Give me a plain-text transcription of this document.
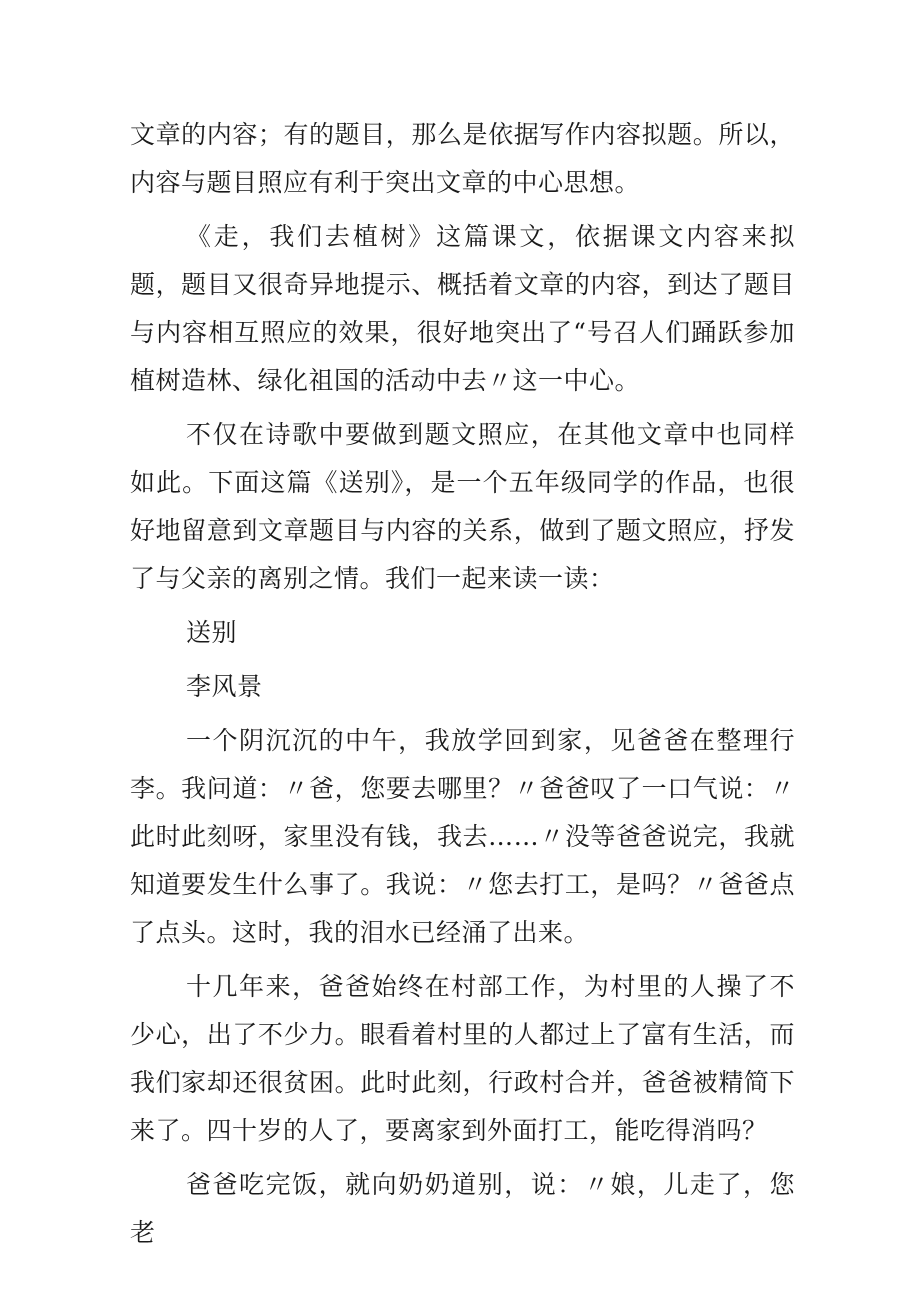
文章的内容；有的题目，那么是依据写作内容拟题。所以，内容与题目照应有利于突出文章的中心思想。

《走，我们去植树》这篇课文，依据课文内容来拟题，题目又很奇异地提示、概括着文章的内容，到达了题目与内容相互照应的效果，很好地突出了“号召人们踊跃参加植树造林、绿化祖国的活动中去〃这一中心。

不仅在诗歌中要做到题文照应，在其他文章中也同样如此。下面这篇《送别》，是一个五年级同学的作品，也很好地留意到文章题目与内容的关系，做到了题文照应，抒发了与父亲的离别之情。我们一起来读一读：

送别

李风景

一个阴沉沉的中午，我放学回到家，见爸爸在整理行李。我问道：〃爸，您要去哪里？〃爸爸叹了一口气说：〃此时此刻呀，家里没有钱，我去……〃没等爸爸说完，我就知道要发生什么事了。我说：〃您去打工，是吗？〃爸爸点了点头。这时，我的泪水已经涌了出来。

十几年来，爸爸始终在村部工作，为村里的人操了不少心，出了不少力。眼看着村里的人都过上了富有生活，而我们家却还很贫困。此时此刻，行政村合并，爸爸被精简下来了。四十岁的人了，要离家到外面打工，能吃得消吗？

爸爸吃完饭，就向奶奶道别，说：〃娘，儿走了，您老
